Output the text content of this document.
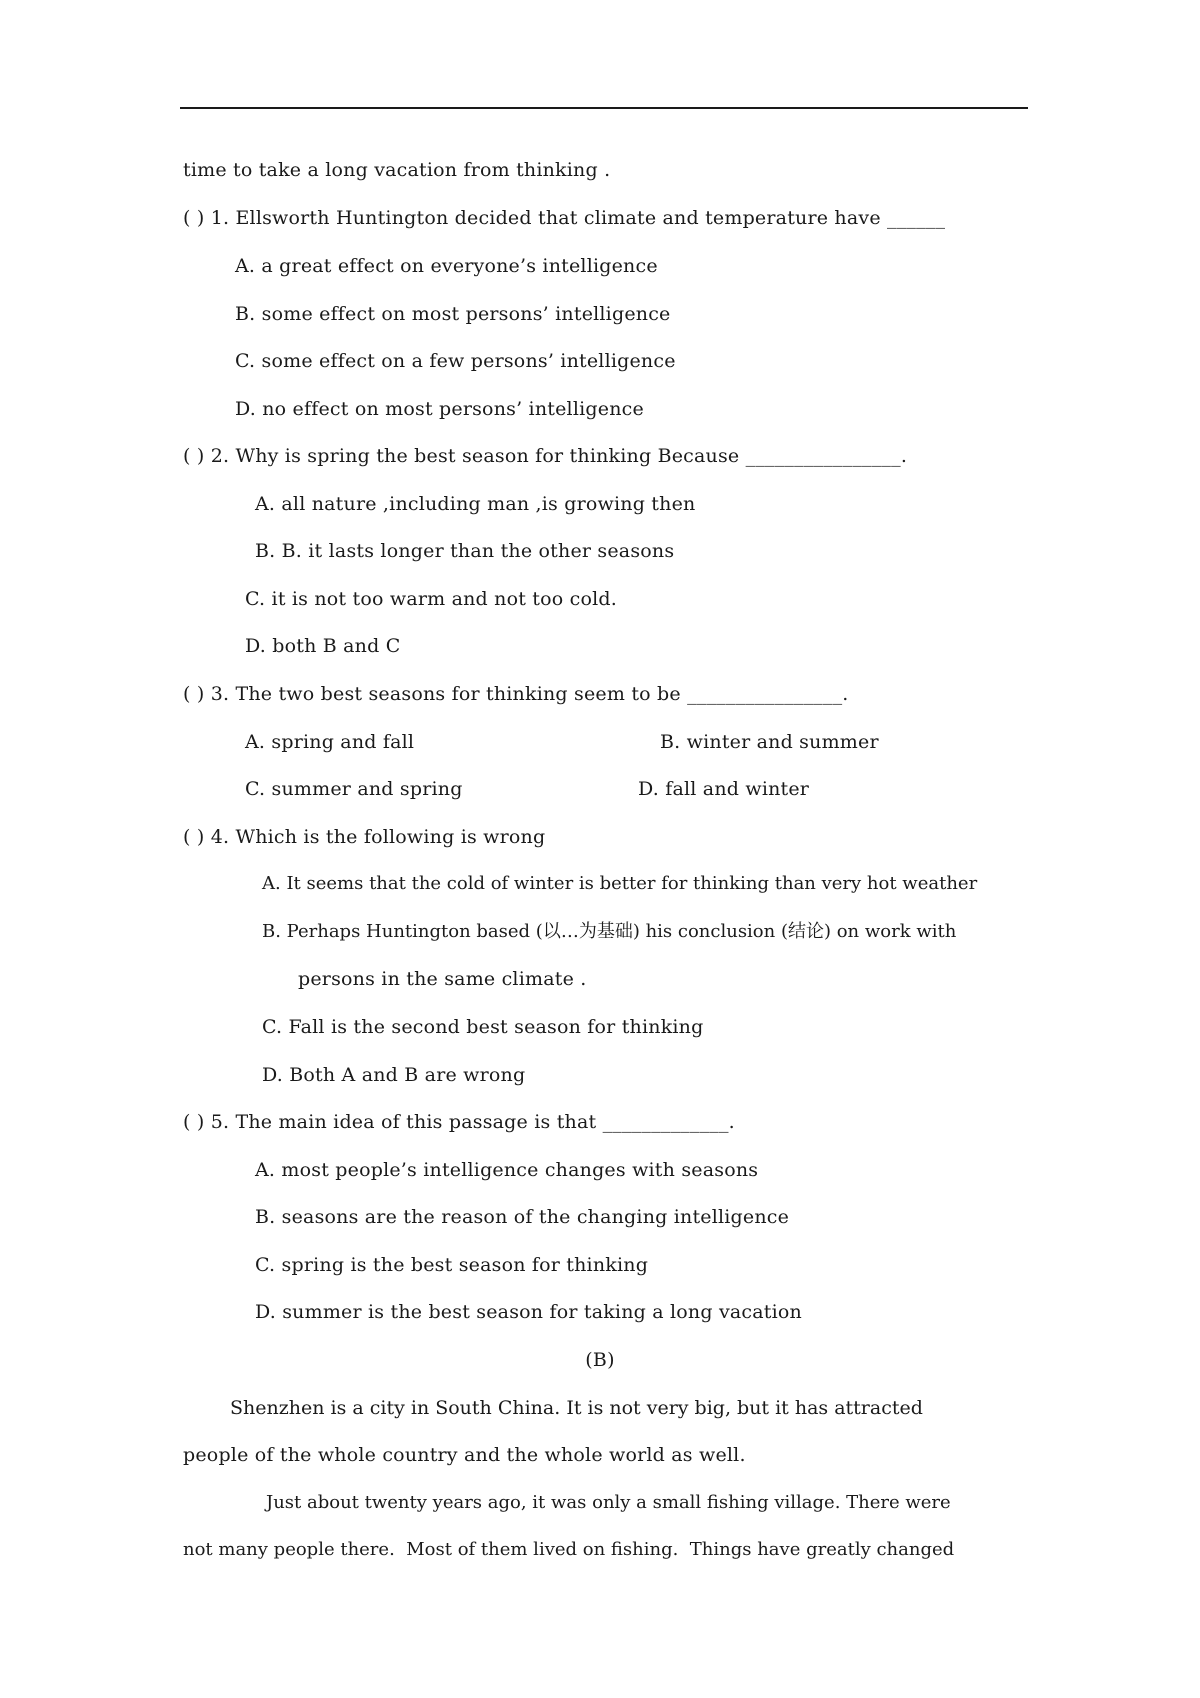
time to take a long vacation from thinking .
( ) 1. Ellsworth Huntington decided that climate and temperature have ______
A. a great effect on everyone’s intelligence
B. some effect on most persons’ intelligence
C. some effect on a few persons’ intelligence
D. no effect on most persons’ intelligence
( ) 2. Why is spring the best season for thinking Because ________________.
A. all nature ,including man ,is growing then
B. B. it lasts longer than the other seasons
C. it is not too warm and not too cold.
D. both B and C
( ) 3. The two best seasons for thinking seem to be ________________.
A. spring and fall	B. winter and summer
C. summer and spring	D. fall and winter
( ) 4. Which is the following is wrong
A. It seems that the cold of winter is better for thinking than very hot weather
B. Perhaps Huntington based (以…为基础) his conclusion (结论) on work with
persons in the same climate .
C. Fall is the second best season for thinking
D. Both A and B are wrong
( ) 5. The main idea of this passage is that _____________.
A. most people’s intelligence changes with seasons
B. seasons are the reason of the changing intelligence
C. spring is the best season for thinking
D. summer is the best season for taking a long vacation
(B)
Shenzhen is a city in South China. It is not very big, but it has attracted
people of the whole country and the whole world as well.
Just about twenty years ago, it was only a small fishing village. There were
not many people there.  Most of them lived on fishing.  Things have greatly changed
